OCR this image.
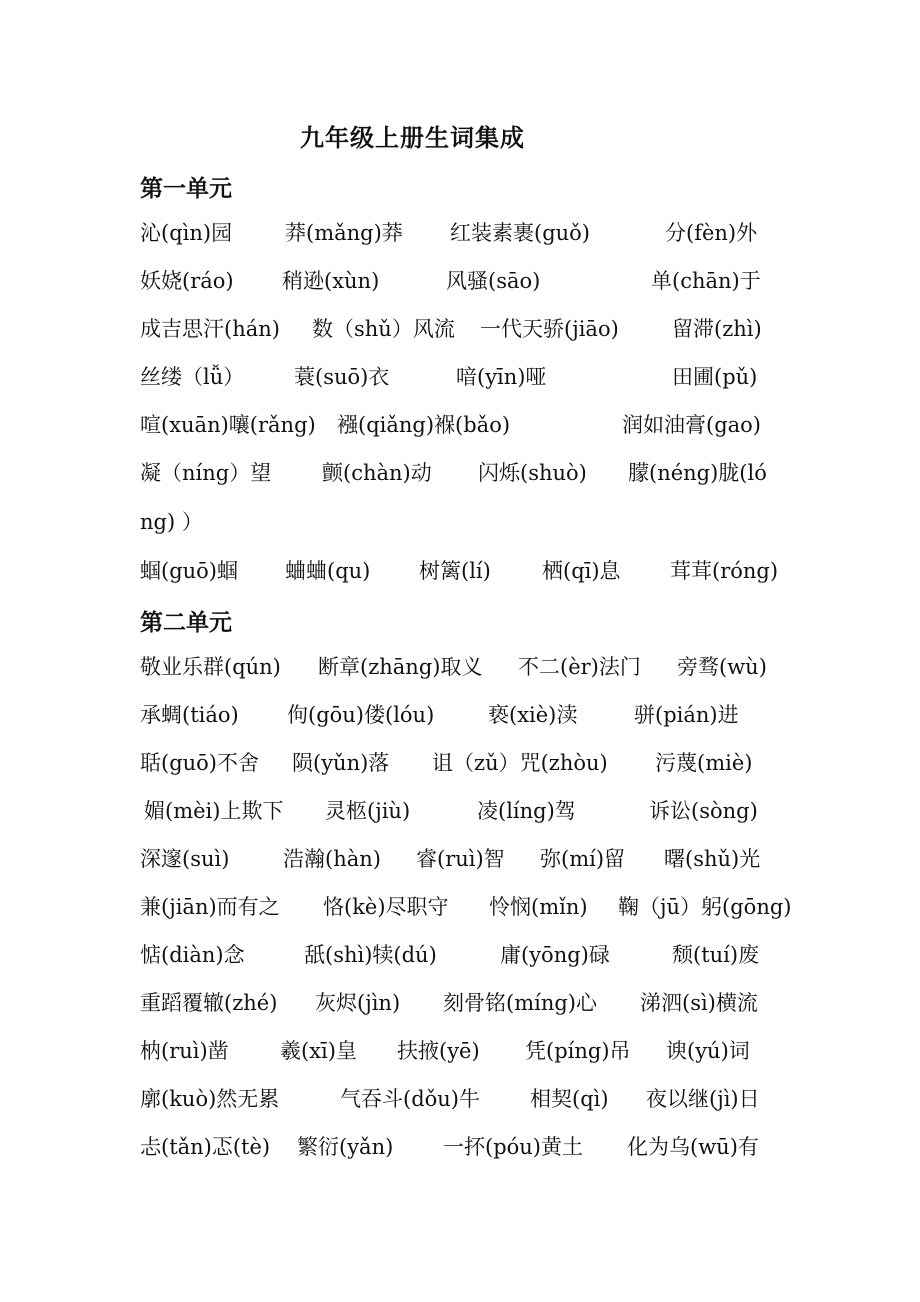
九年级上册生词集成
第一单元
沁(qìn)园	莽(mǎng)莽 红装素裹(guǒ)	分(fèn)外
妖娆(ráo) 稍逊(xùn)	风骚(sāo)	单(chān)于
成吉思汗(hán) 数（shǔ）风流 一代天骄(jiāo)	留滞(zhì)
丝缕（lǚ） 蓑(suō)衣	喑(yīn)哑	田圃(pǔ)
喧(xuān)嚷(rǎng) 襁(qiǎng)褓(bǎo)	润如油膏(gao)
凝（níng）望 颤(chàn)动 闪烁(shuò) 朦(néng)胧(ló
ng) ）
蝈(guō)蝈 蛐蛐(qu) 树篱(lí) 栖(qī)息 茸茸(róng)
第二单元
敬业乐群(qún) 断章(zhāng)取义 不二(èr)法门 旁骛(wù)
承蜩(tiáo) 佝(gōu)偻(lóu)	亵(xiè)渎	骈(pián)进
聒(guō)不舍 陨(yǔn)落 诅（zǔ）咒(zhòu) 污蔑(miè)
媚(mèi)上欺下 灵柩(jiù)	凌(líng)驾	诉讼(sòng)
深邃(suì)	浩瀚(hàn) 睿(ruì)智 弥(mí)留 曙(shǔ)光
兼(jiān)而有之 恪(kè)尽职守 怜悯(mǐn) 鞠（jū）躬(gōng)
惦(diàn)念	舐(shì)犊(dú)	庸(yōng)碌	颓(tuí)废
重蹈覆辙(zhé) 灰烬(jìn) 刻骨铭(míng)心 涕泗(sì)横流
枘(ruì)凿 羲(xī)皇 扶掖(yē) 凭(píng)吊 谀(yú)词
廓(kuò)然无累	气吞斗(dǒu)牛 相契(qì) 夜以继(jì)日
忐(tǎn)忑(tè) 繁衍(yǎn) 一抔(póu)黄土 化为乌(wū)有
